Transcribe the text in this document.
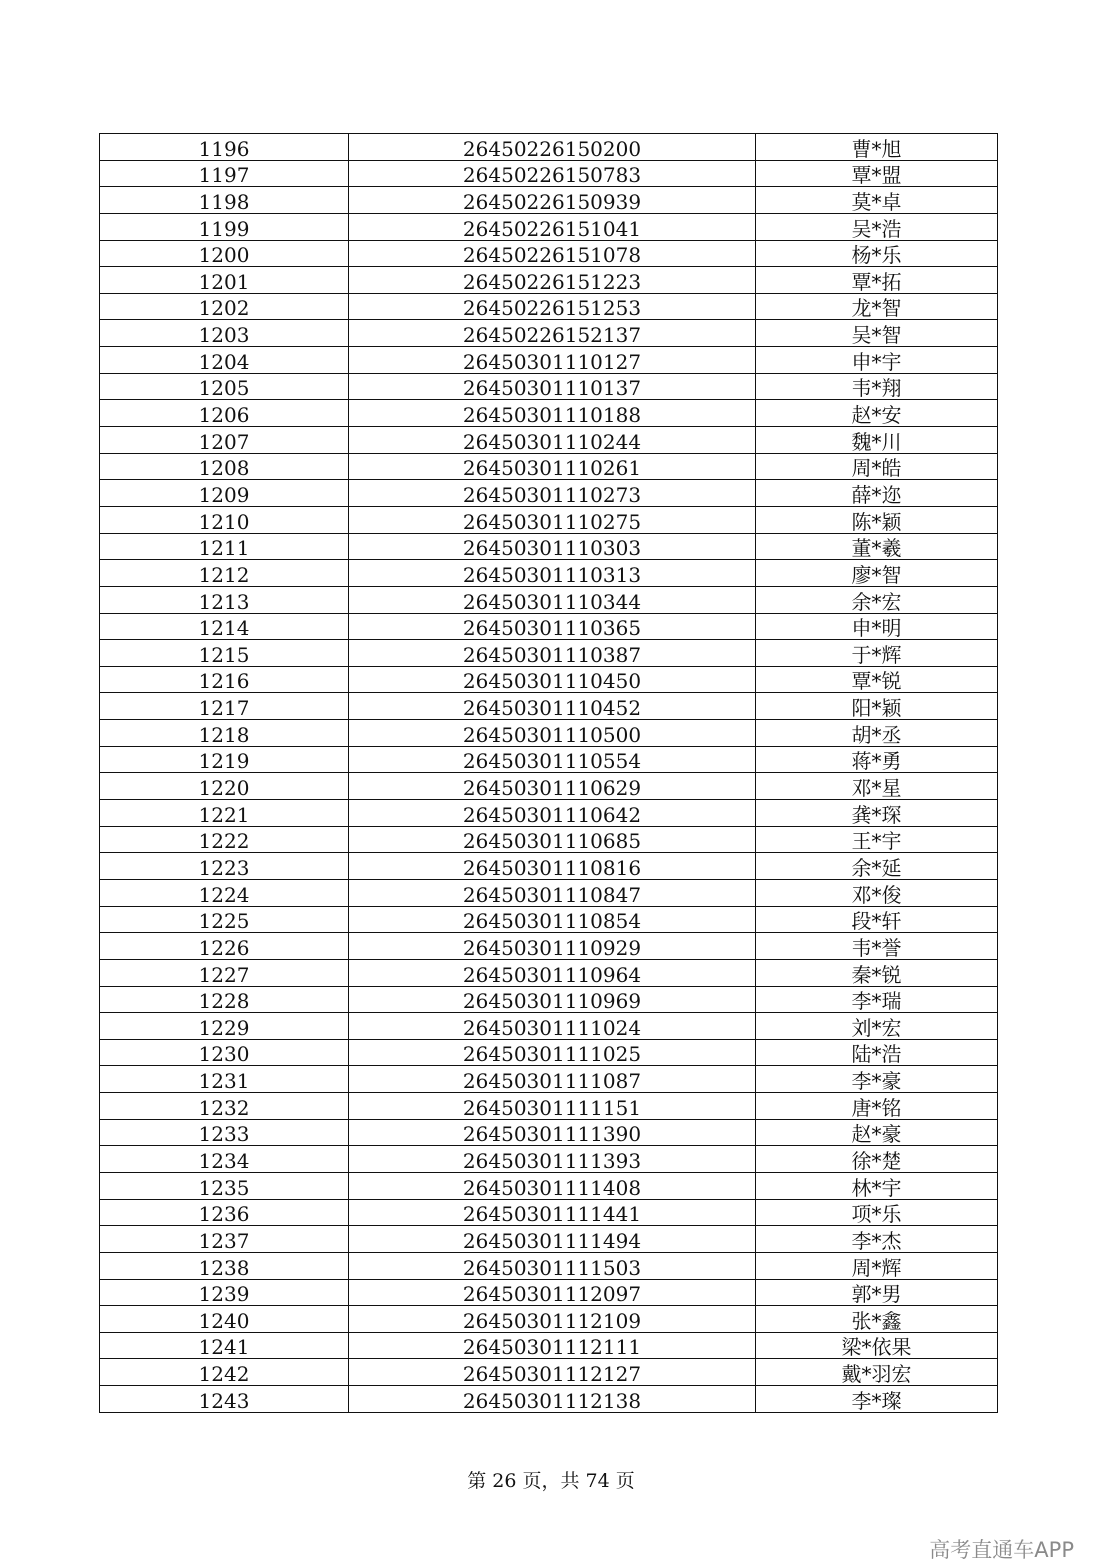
1196	26450226150200	曹*旭
1197	26450226150783	覃*盟
1198	26450226150939	莫*卓
1199	26450226151041	吴*浩
1200	26450226151078	杨*乐
1201	26450226151223	覃*拓
1202	26450226151253	龙*智
1203	26450226152137	吴*智
1204	26450301110127	申*宇
1205	26450301110137	韦*翔
1206	26450301110188	赵*安
1207	26450301110244	魏*川
1208	26450301110261	周*皓
1209	26450301110273	薛*迩
1210	26450301110275	陈*颖
1211	26450301110303	董*羲
1212	26450301110313	廖*智
1213	26450301110344	余*宏
1214	26450301110365	申*明
1215	26450301110387	于*辉
1216	26450301110450	覃*锐
1217	26450301110452	阳*颖
1218	26450301110500	胡*丞
1219	26450301110554	蒋*勇
1220	26450301110629	邓*星
1221	26450301110642	龚*琛
1222	26450301110685	王*宇
1223	26450301110816	余*延
1224	26450301110847	邓*俊
1225	26450301110854	段*轩
1226	26450301110929	韦*誉
1227	26450301110964	秦*锐
1228	26450301110969	李*瑞
1229	26450301111024	刘*宏
1230	26450301111025	陆*浩
1231	26450301111087	李*豪
1232	26450301111151	唐*铭
1233	26450301111390	赵*豪
1234	26450301111393	徐*楚
1235	26450301111408	林*宇
1236	26450301111441	项*乐
1237	26450301111494	李*杰
1238	26450301111503	周*辉
1239	26450301112097	郭*男
1240	26450301112109	张*鑫
1241	26450301112111	梁*依果
1242	26450301112127	戴*羽宏
1243	26450301112138	李*璨
第 26 页，共 74 页
高考直通车APP
